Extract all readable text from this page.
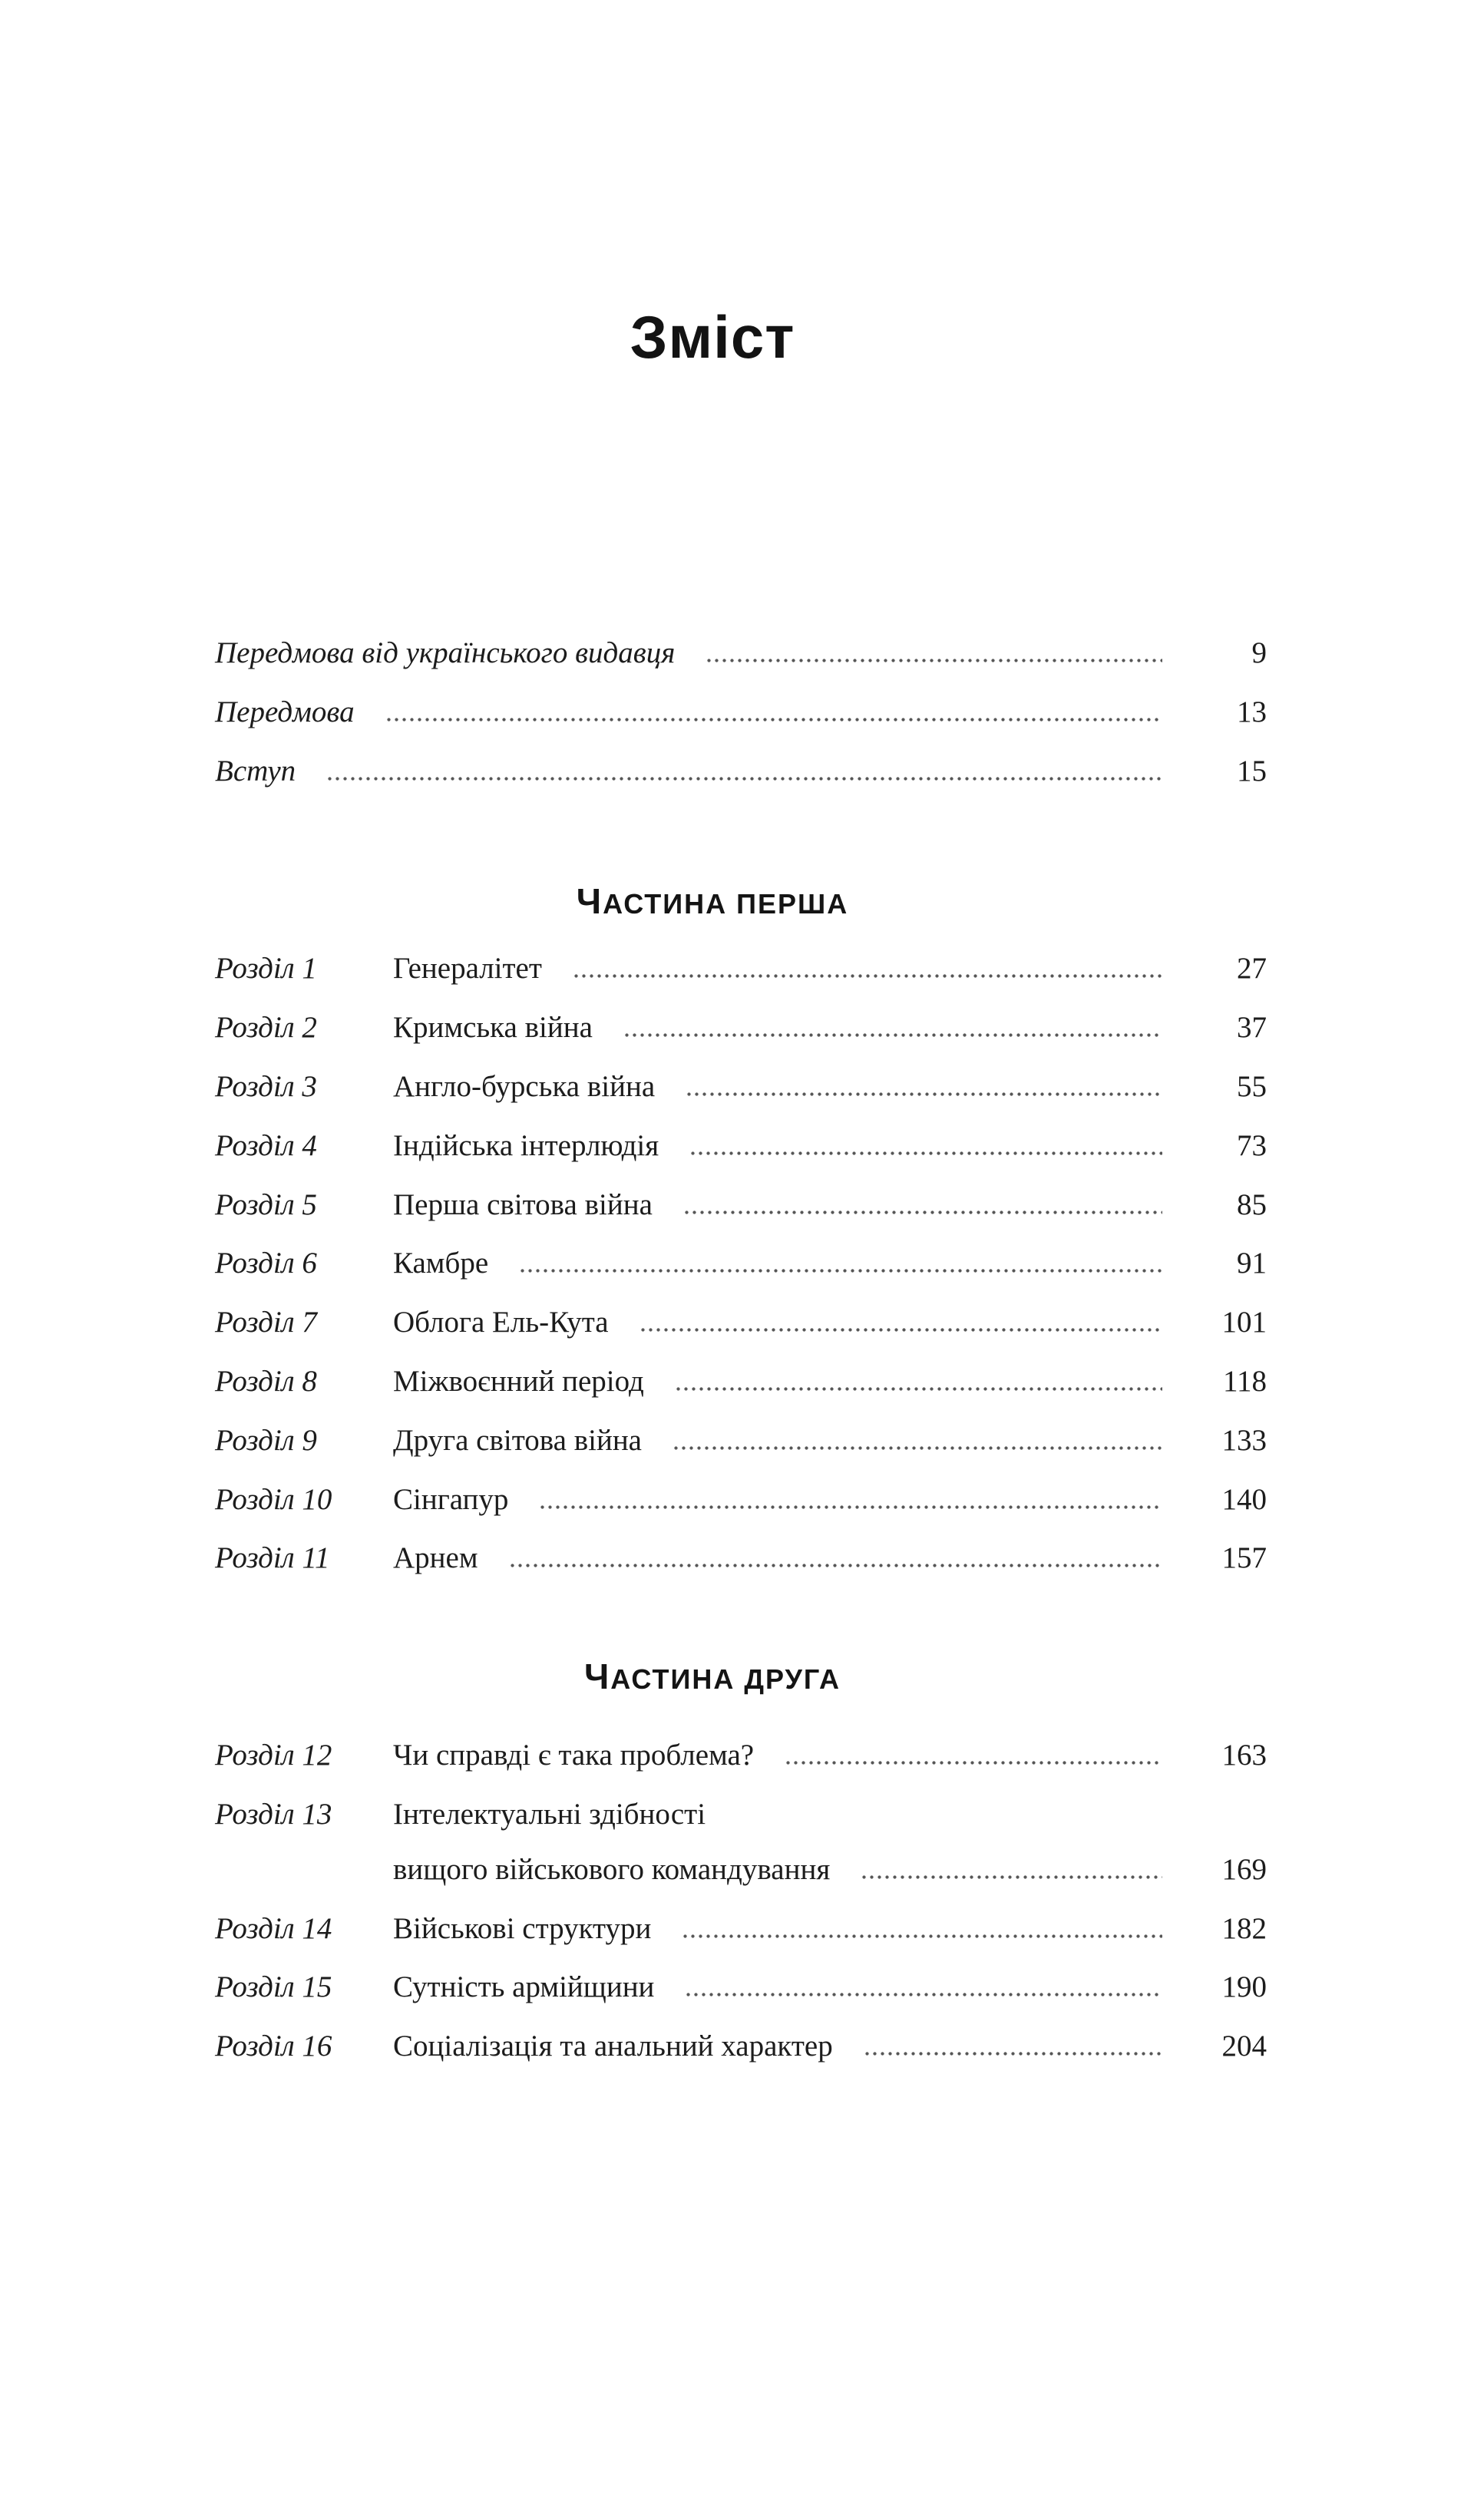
Зміст
Передмова від українського видавця	9
Передмова	13
Вступ	15
ЧАСТИНА ПЕРША
Розділ 1	Генералітет	27
Розділ 2	Кримська війна	37
Розділ 3	Англо-бурська війна	55
Розділ 4	Індійська інтерлюдія	73
Розділ 5	Перша світова війна	85
Розділ 6	Камбре	91
Розділ 7	Облога Ель-Кута	101
Розділ 8	Міжвоєнний період	118
Розділ 9	Друга світова війна	133
Розділ 10	Сінгапур	140
Розділ 11	Арнем	157
ЧАСТИНА ДРУГА
Розділ 12	Чи справді є така проблема?	163
Розділ 13	Інтелектуальні здібності
вищого військового командування	169
Розділ 14	Військові структури	182
Розділ 15	Сутність армійщини	190
Розділ 16	Соціалізація та анальний характер	204
